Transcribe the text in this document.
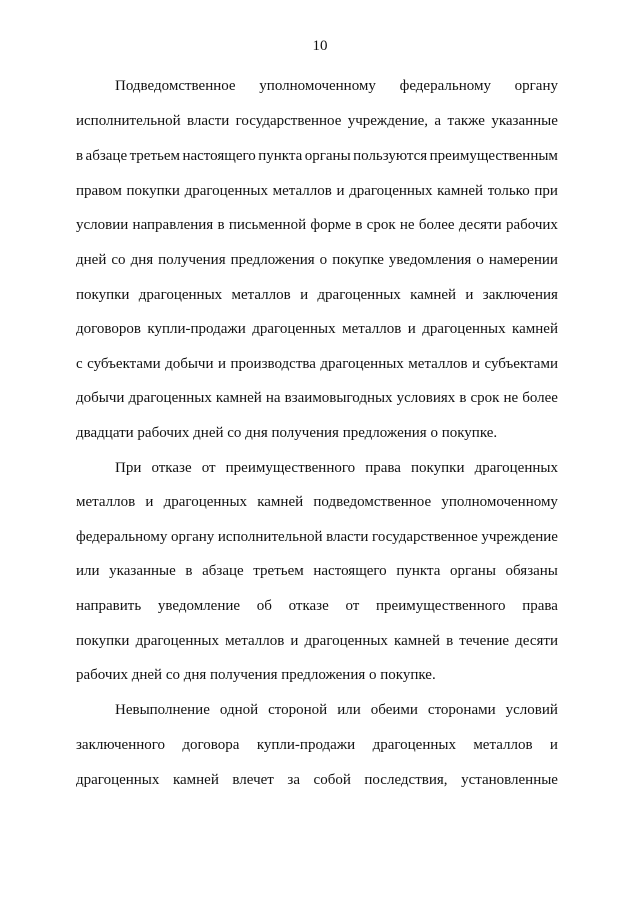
10
Подведомственное уполномоченному федеральному органу
исполнительной власти государственное учреждение, а также указанные
в абзаце третьем настоящего пункта органы пользуются преимущественным
правом покупки драгоценных металлов и драгоценных камней только при
условии направления в письменной форме в срок не более десяти рабочих
дней со дня получения предложения о покупке уведомления о намерении
покупки драгоценных металлов и драгоценных камней и заключения
договоров купли-продажи драгоценных металлов и драгоценных камней
с субъектами добычи и производства драгоценных металлов и субъектами
добычи драгоценных камней на взаимовыгодных условиях в срок не более
двадцати рабочих дней со дня получения предложения о покупке.
При отказе от преимущественного права покупки драгоценных
металлов и драгоценных камней подведомственное уполномоченному
федеральному органу исполнительной власти государственное учреждение
или указанные в абзаце третьем настоящего пункта органы обязаны
направить уведомление об отказе от преимущественного права
покупки драгоценных металлов и драгоценных камней в течение десяти
рабочих дней со дня получения предложения о покупке.
Невыполнение одной стороной или обеими сторонами условий
заключенного договора купли-продажи драгоценных металлов и
драгоценных камней влечет за собой последствия, установленные
